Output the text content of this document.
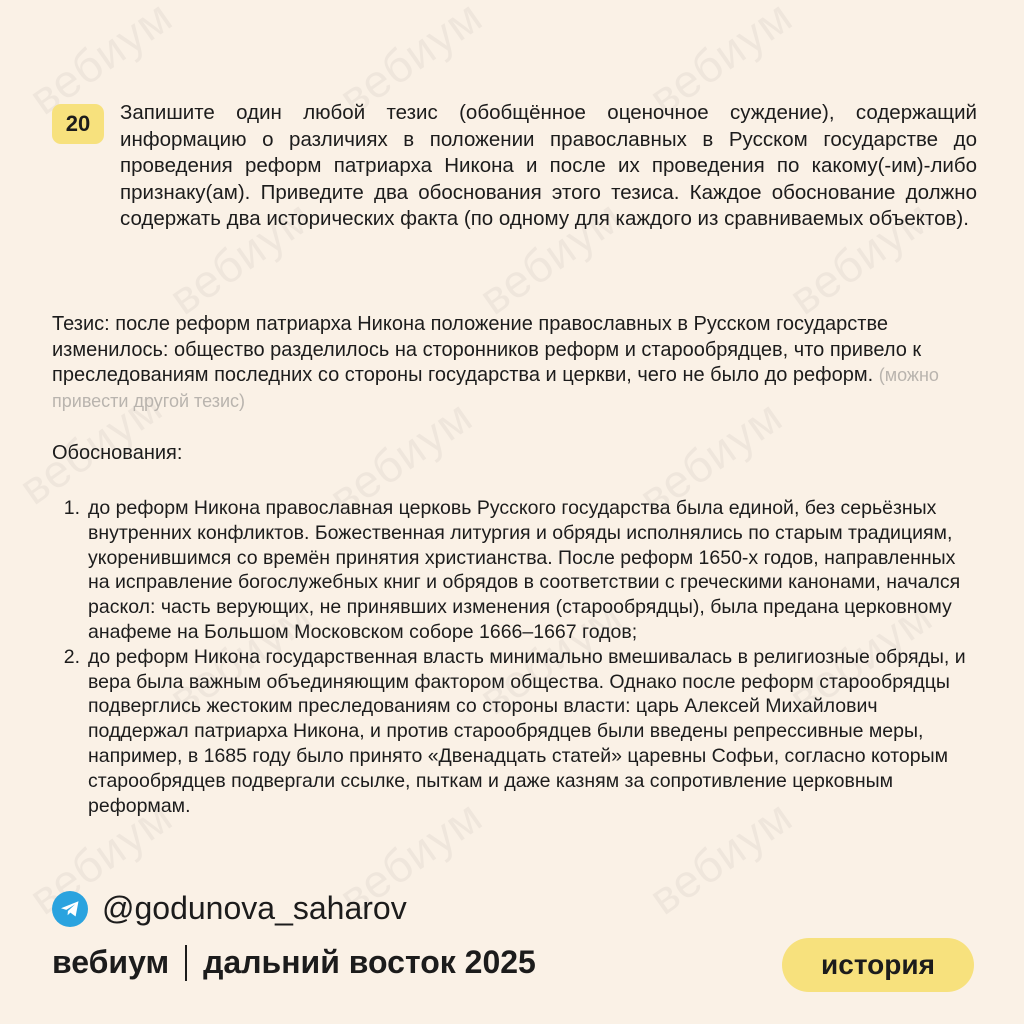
20	Запишите один любой тезис (обобщённое оценочное суждение), содержащий информацию о различиях в положении православных в Русском государстве до проведения реформ патриарха Никона и после их проведения по какому(-им)-либо признаку(ам). Приведите два обоснования этого тезиса. Каждое обоснование должно содержать два исторических факта (по одному для каждого из сравниваемых объектов).

Тезис: после реформ патриарха Никона положение православных в Русском государстве изменилось: общество разделилось на сторонников реформ и старообрядцев, что привело к преследованиям последних со стороны государства и церкви, чего не было до реформ. (можно привести другой тезис)

Обоснования:

1. до реформ Никона православная церковь Русского государства была единой, без серьёзных внутренних конфликтов. Божественная литургия и обряды исполнялись по старым традициям, укоренившимся со времён принятия христианства. После реформ 1650-х годов, направленных на исправление богослужебных книг и обрядов в соответствии с греческими канонами, начался раскол: часть верующих, не принявших изменения (старообрядцы), была предана церковному анафеме на Большом Московском соборе 1666–1667 годов;
2. до реформ Никона государственная власть минимально вмешивалась в религиозные обряды, и вера была важным объединяющим фактором общества. Однако после реформ старообрядцы подверглись жестоким преследованиям со стороны власти: царь Алексей Михайлович поддержал патриарха Никона, и против старообрядцев были введены репрессивные меры, например, в 1685 году было принято «Двенадцать статей» царевны Софьи, согласно которым старообрядцев подвергали ссылке, пыткам и даже казням за сопротивление церковным реформам.
@godunova_saharov
вебиум дальний восток 2025	история
